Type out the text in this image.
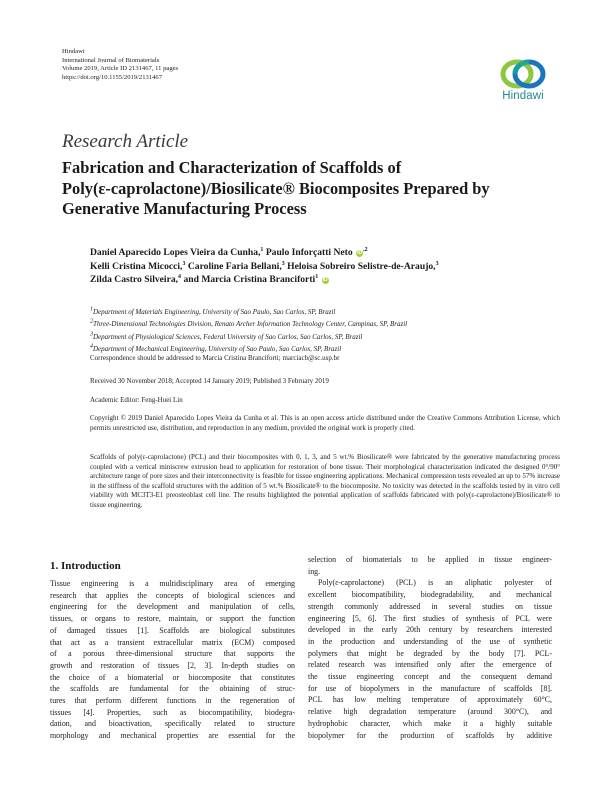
Hindawi
International Journal of Biomaterials
Volume 2019, Article ID 2131467, 11 pages
https://doi.org/10.1155/2019/2131467
Hindawi
Research Article
Fabrication and Characterization of Scaffolds of
Poly(ε-caprolactone)/Biosilicate® Biocomposites Prepared by
Generative Manufacturing Process
Daniel Aparecido Lopes Vieira da Cunha,$^1$ Paulo Inforçatti Neto $iD^{,2}$
Kelli Cristina Micocci,$^3$ Caroline Faria Bellani,$^3$ Heloisa Sobreiro Selistre-de-Araujo,$^3$
Zilda Castro Silveira,$^4$ and Marcia Cristina Branciforti$^1$ iD
$^1$Department of Materials Engineering, University of Sao Paulo, Sao Carlos, SP, Brazil
$^2$Three-Dimensional Technologies Division, Renato Archer Information Technology Center, Campinas, SP, Brazil
$^3$Department of Physiological Sciences, Federal University of Sao Carlos, Sao Carlos, SP, Brazil
$^4$Department of Mechanical Engineering, University of Sao Paulo, Sao Carlos, SP, Brazil
Correspondence should be addressed to Marcia Cristina Branciforti; marciacb@sc.usp.br
Received 30 November 2018; Accepted 14 January 2019; Published 3 February 2019
Academic Editor: Feng-Huei Lin
Copyright © 2019 Daniel Aparecido Lopes Vieira da Cunha et al. This is an open access article distributed under the Creative Commons Attribution License, which permits unrestricted use, distribution, and reproduction in any medium, provided the original work is properly cited.
Scaffolds of poly(ε-caprolactone) (PCL) and their biocomposites with 0, 1, 3, and 5 wt.% Biosilicate® were fabricated by the generative manufacturing process coupled with a vertical miniscrew extrusion head to application for restoration of bone tissue. Their morphological characterization indicated the designed 0°/90° architecture range of pore sizes and their interconnectivity is feasible for tissue engineering applications. Mechanical compression tests revealed an up to 57% increase in the stiffness of the scaffold structures with the addition of 5 wt.% Biosilicate® to the biocomposite. No toxicity was detected in the scaffolds tested by in vitro cell viability with MC3T3-E1 preosteoblast cell line. The results highlighted the potential application of scaffolds fabricated with poly(ε-caprolactone)/Biosilicate® to tissue engineering.
1. Introduction
Tissue engineering is a multidisciplinary area of emerging
research that applies the concepts of biological sciences and
engineering for the development and manipulation of cells,
tissues, or organs to restore, maintain, or support the function
of damaged tissues [1]. Scaffolds are biological substitutes
that act as a transient extracellular matrix (ECM) composed
of a porous three-dimensional structure that supports the
growth and restoration of tissues [2, 3]. In-depth studies on
the choice of a biomaterial or biocomposite that constitutes
the scaffolds are fundamental for the obtaining of struc-
tures that perform different functions in the regeneration of
tissues [4]. Properties, such as biocompatibility, biodegra-
dation, and bioactivation, specifically related to structure
morphology and mechanical properties are essential for the
selection of biomaterials to be applied in tissue engineer-
ing.
Poly(ε-caprolactone) (PCL) is an aliphatic polyester of
excellent biocompatibility, biodegradability, and mechanical
strength commonly addressed in several studies on tissue
engineering [5, 6]. The first studies of synthesis of PCL were
developed in the early 20th century by researchers interested
in the production and understanding of the use of synthetic
polymers that might be degraded by the body [7]. PCL-
related research was intensified only after the emergence of
the tissue engineering concept and the consequent demand
for use of biopolymers in the manufacture of scaffolds [8].
PCL has low melting temperature of approximately 60°C,
relative high degradation temperature (around 300°C), and
hydrophobic character, which make it a highly suitable
biopolymer for the production of scaffolds by additive
